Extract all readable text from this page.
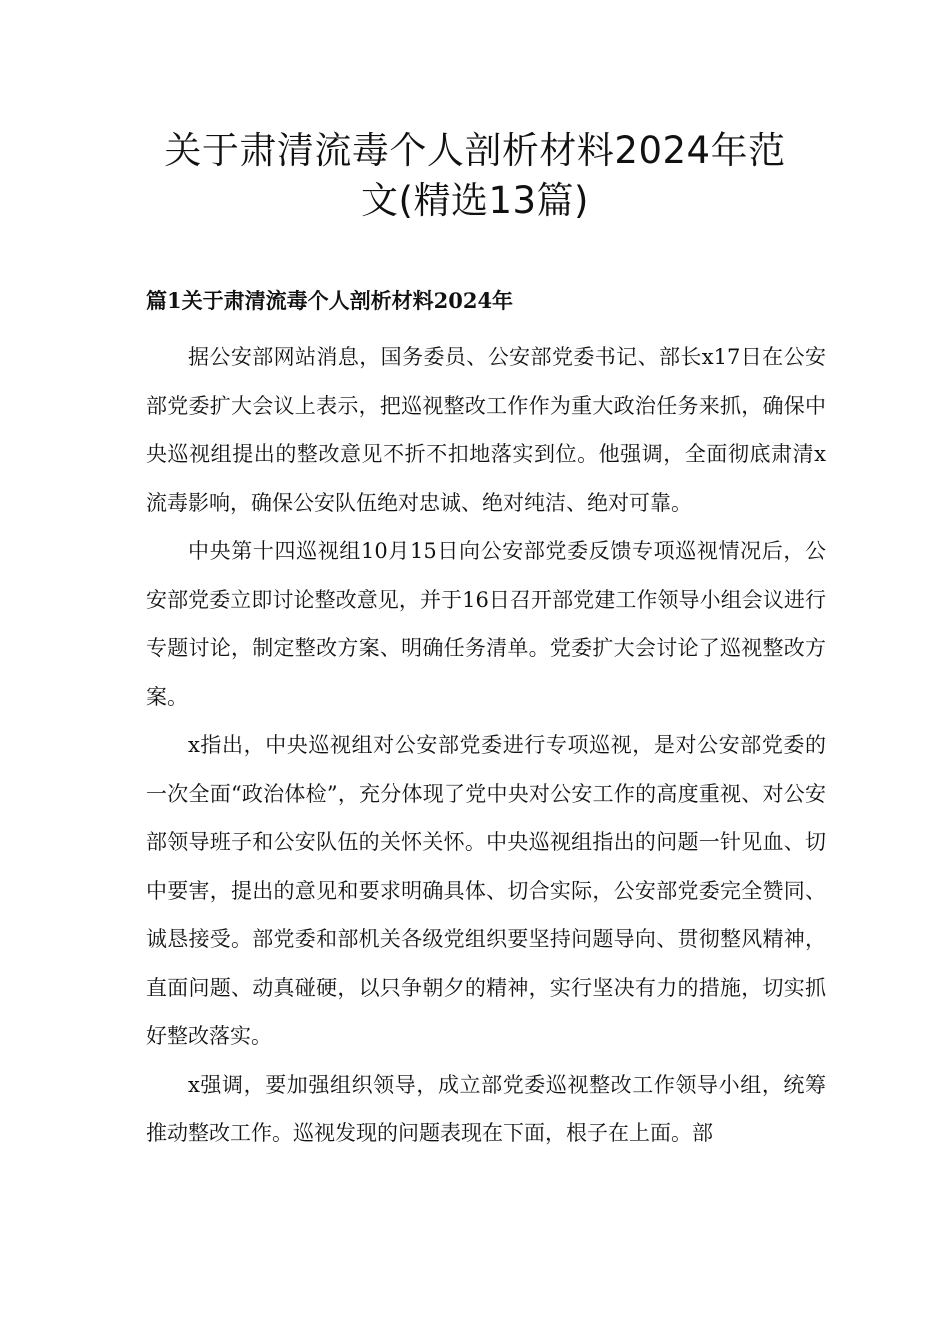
关于肃清流毒个人剖析材料2024年范
文(精选13篇)
篇1关于肃清流毒个人剖析材料2024年

据公安部网站消息，国务委员、公安部党委书记、部长x17日在公安部党委扩大会议上表示，把巡视整改工作作为重大政治任务来抓，确保中央巡视组提出的整改意见不折不扣地落实到位。他强调，全面彻底肃清x流毒影响，确保公安队伍绝对忠诚、绝对纯洁、绝对可靠。

中央第十四巡视组10月15日向公安部党委反馈专项巡视情况后，公安部党委立即讨论整改意见，并于16日召开部党建工作领导小组会议进行专题讨论，制定整改方案、明确任务清单。党委扩大会讨论了巡视整改方案。

x指出，中央巡视组对公安部党委进行专项巡视，是对公安部党委的一次全面“政治体检”，充分体现了党中央对公安工作的高度重视、对公安部领导班子和公安队伍的关怀关怀。中央巡视组指出的问题一针见血、切中要害，提出的意见和要求明确具体、切合实际，公安部党委完全赞同、诚恳接受。部党委和部机关各级党组织要坚持问题导向、贯彻整风精神，直面问题、动真碰硬，以只争朝夕的精神，实行坚决有力的措施，切实抓好整改落实。

x强调，要加强组织领导，成立部党委巡视整改工作领导小组，统筹推动整改工作。巡视发现的问题表现在下面，根子在上面。部
